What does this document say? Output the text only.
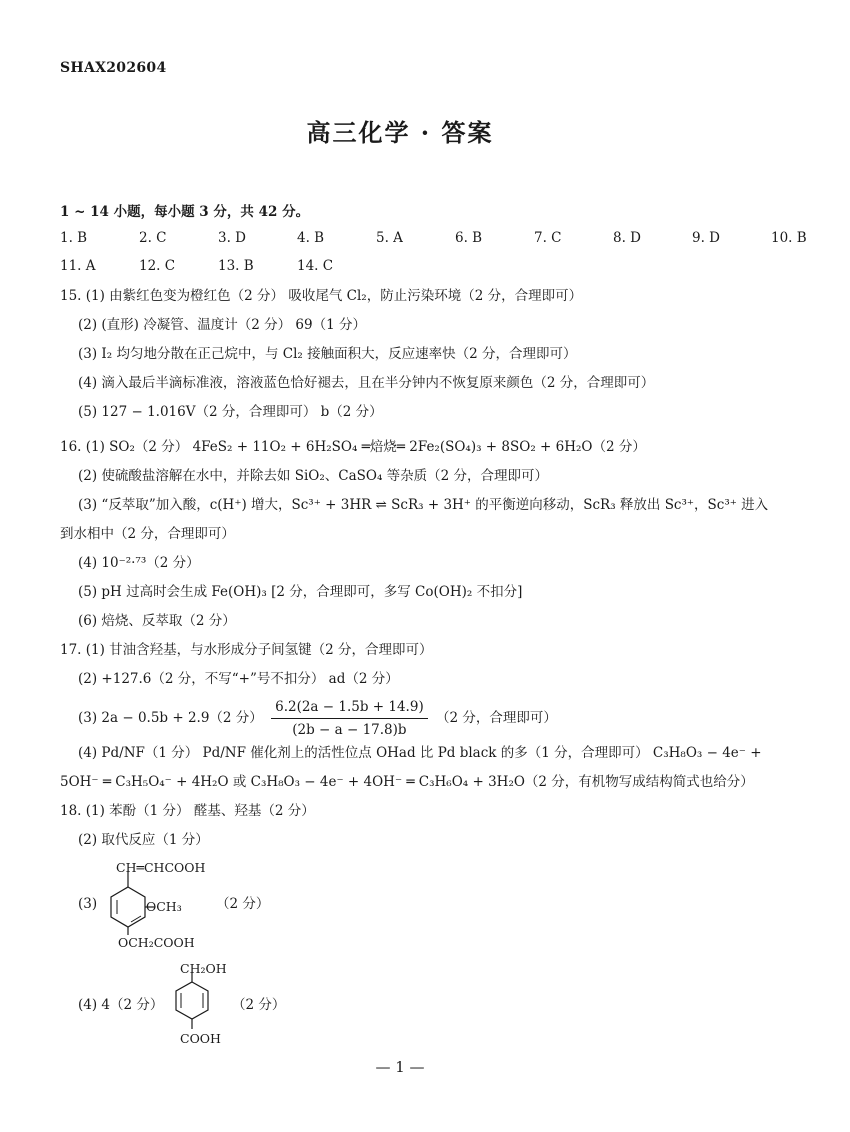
SHAX202604
高三化学 · 答案
1 ~ 14 小题，每小题 3 分，共 42 分。
1. B	2. C	3. D	4. B	5. A	6. B	7. C	8. D	9. D	10. B
11. A	12. C	13. B	14. C
15. (1) 由紫红色变为橙红色（2 分） 吸收尾气 Cl₂，防止污染环境（2 分，合理即可）
(2) (直形) 冷凝管、温度计（2 分） 69（1 分）
(3) I₂ 均匀地分散在正己烷中，与 Cl₂ 接触面积大，反应速率快（2 分，合理即可）
(4) 滴入最后半滴标准液，溶液蓝色恰好褪去，且在半分钟内不恢复原来颜色（2 分，合理即可）
(5) 127 − 1.016V（2 分，合理即可） b（2 分）
16. (1) SO₂（2 分） 4FeS₂ + 11O₂ + 6H₂SO₄ ═焙烧═ 2Fe₂(SO₄)₃ + 8SO₂ + 6H₂O（2 分）
(2) 使硫酸盐溶解在水中，并除去如 SiO₂、CaSO₄ 等杂质（2 分，合理即可）
(3) “反萃取”加入酸，c(H⁺) 增大，Sc³⁺ + 3HR ⇌ ScR₃ + 3H⁺ 的平衡逆向移动，ScR₃ 释放出 Sc³⁺，Sc³⁺ 进入
到水相中（2 分，合理即可）
(4) 10⁻²·⁷³（2 分）
(5) pH 过高时会生成 Fe(OH)₃ [2 分，合理即可，多写 Co(OH)₂ 不扣分]
(6) 焙烧、反萃取（2 分）
17. (1) 甘油含羟基，与水形成分子间氢键（2 分，合理即可）
(2) +127.6（2 分，不写“+”号不扣分） ad（2 分）
(3) 2a − 0.5b + 2.9（2 分） $\frac{6.2(2a - 1.5b + 14.9)}{(2b - a - 17.8)b} (2$ 分，合理即可）
(4) Pd/NF（1 分） Pd/NF 催化剂上的活性位点 OHad 比 Pd black 的多（1 分，合理即可） C₃H₈O₃ − 4e⁻ +
5OH⁻ ═ C₃H₅O₄⁻ + 4H₂O 或 C₃H₈O₃ − 4e⁻ + 4OH⁻ ═ C₃H₆O₄ + 3H₂O（2 分，有机物写成结构简式也给分）
18. (1) 苯酚（1 分） 醛基、羟基（2 分）
(2) 取代反应（1 分）
(3)
CH═CHCOOH
OCH₃
OCH₂COOH
（2 分）
(4) 4（2 分）
CH₂OH
COOH
（2 分）
— 1 —
